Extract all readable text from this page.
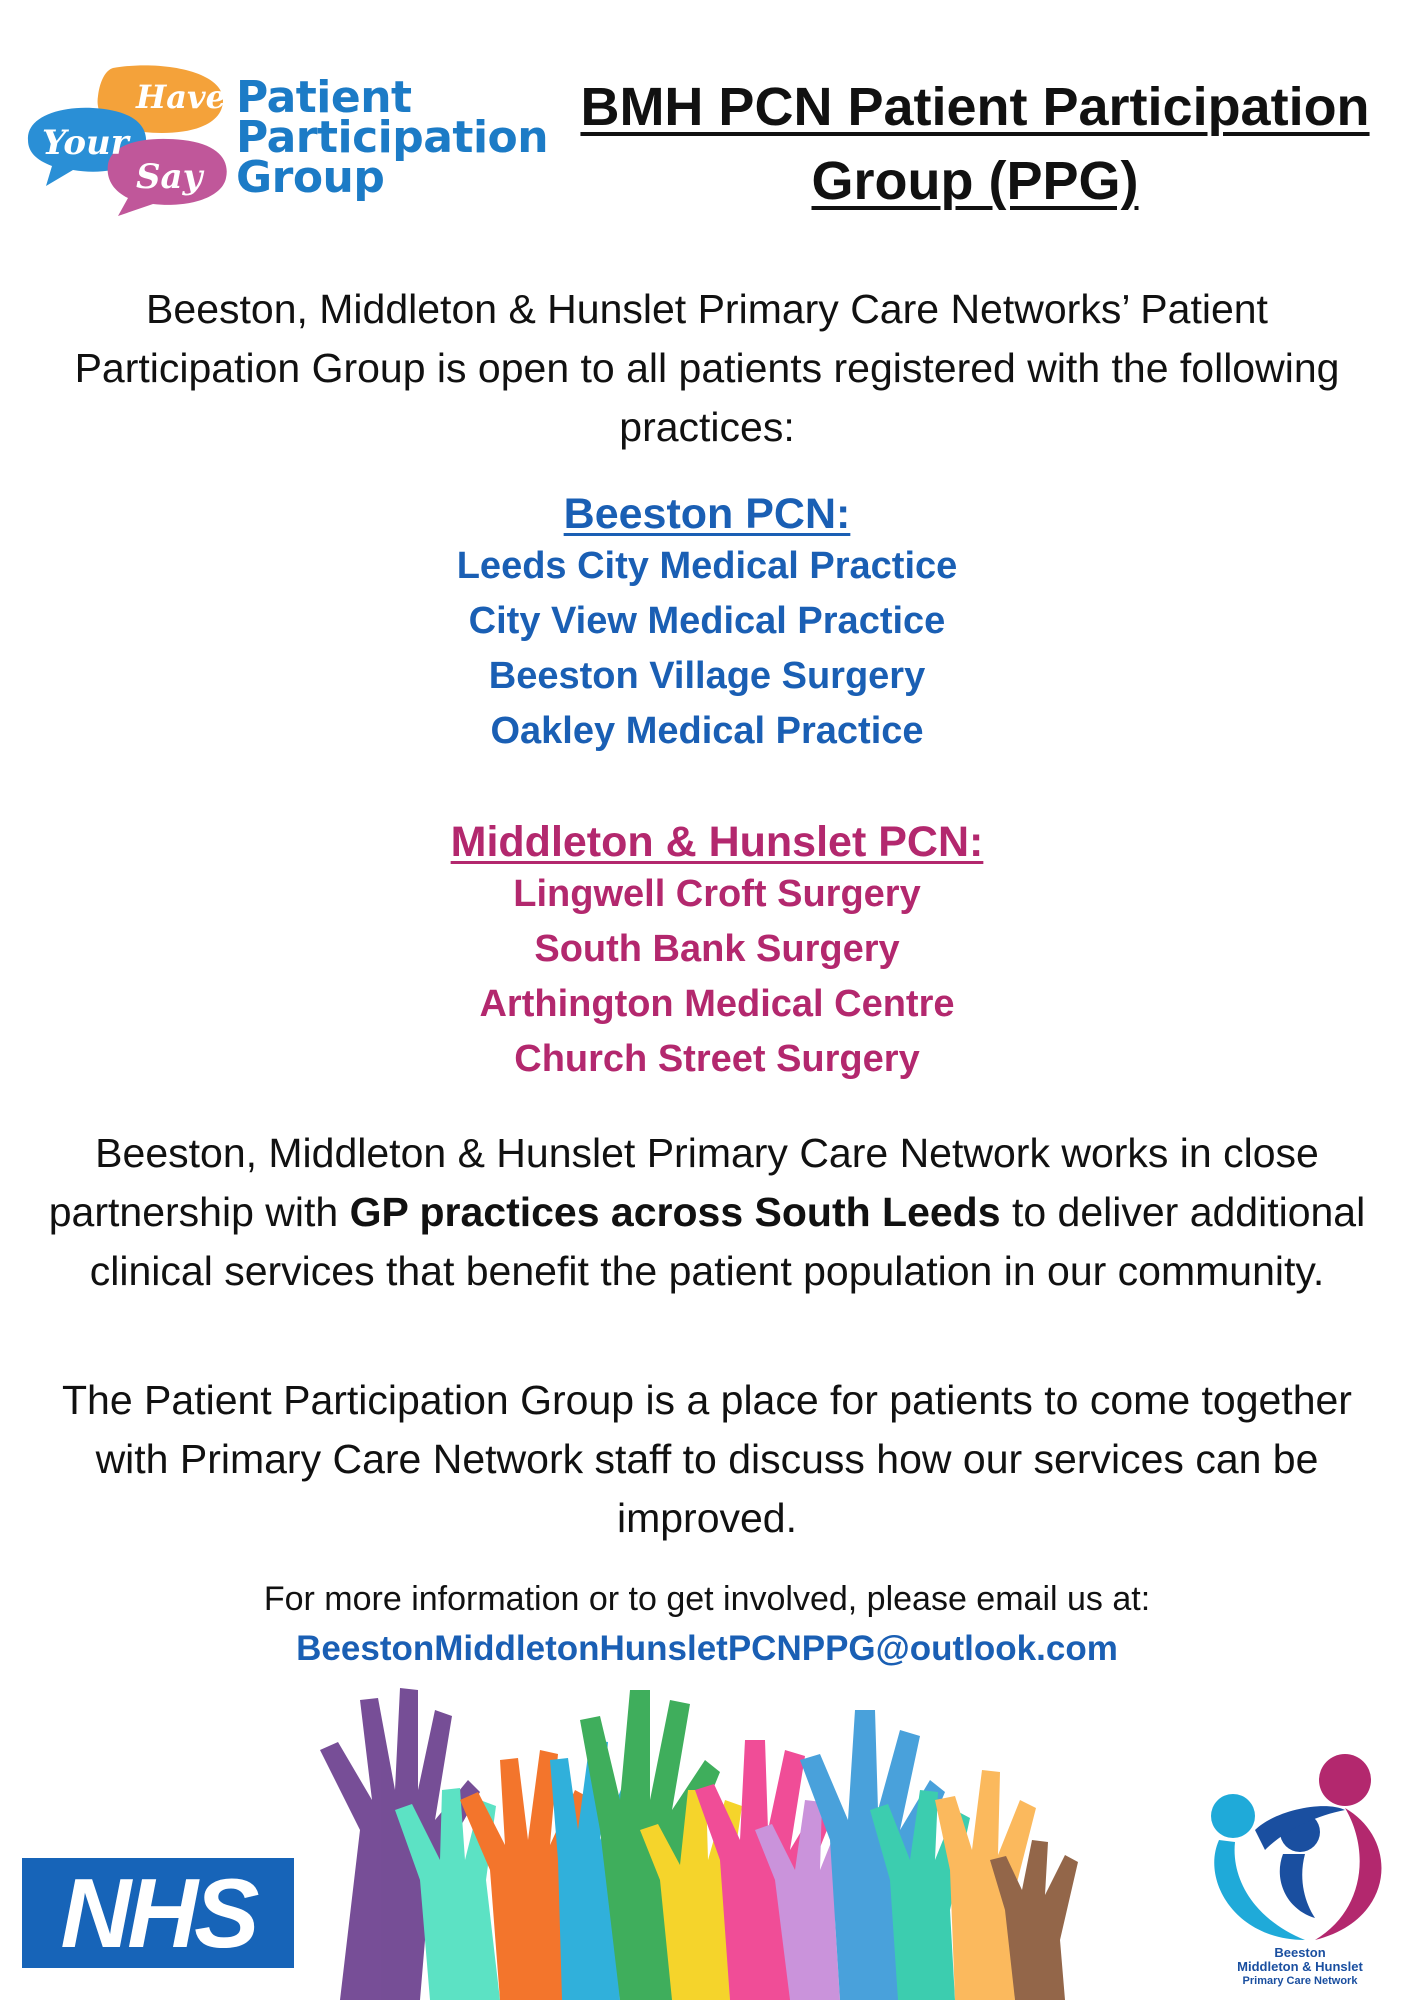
Have
Your
Say
Patient
Participation
Group
BMH PCN Patient Participation
Group (PPG)
Beeston, Middleton & Hunslet Primary Care Networks’ Patient Participation Group is open to all patients registered with the following practices:
Beeston PCN:
Leeds City Medical Practice
City View Medical Practice
Beeston Village Surgery
Oakley Medical Practice
Middleton & Hunslet PCN:
Lingwell Croft Surgery
South Bank Surgery
Arthington Medical Centre
Church Street Surgery
Beeston, Middleton & Hunslet Primary Care Network works in close partnership with GP practices across South Leeds to deliver additional clinical services that benefit the patient population in our community.
The Patient Participation Group is a place for patients to come together with Primary Care Network staff to discuss how our services can be improved.
For more information or to get involved, please email us at:
BeestonMiddletonHunsletPCNPPG@outlook.com
NHS	Beeston
Middleton & Hunslet
Primary Care Network
